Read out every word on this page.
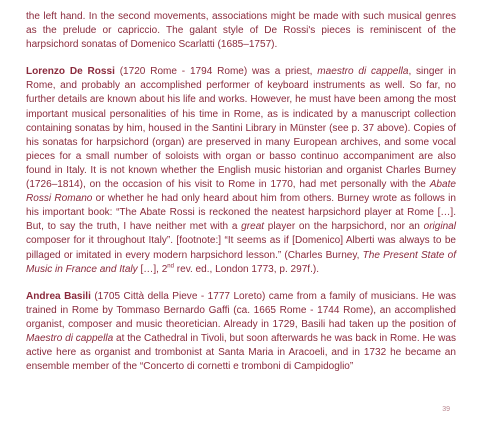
the left hand. In the second movements, associations might be made with such musical genres as the prelude or capriccio. The galant style of De Rossi's pieces is reminiscent of the harpsichord sonatas of Domenico Scarlatti (1685–1757).

Lorenzo De Rossi (1720 Rome - 1794 Rome) was a priest, maestro di cappella, singer in Rome, and probably an accomplished performer of keyboard instruments as well. So far, no further details are known about his life and works. However, he must have been among the most important musical personalities of his time in Rome, as is indicated by a manuscript collection containing sonatas by him, housed in the Santini Library in Münster (see p. 37 above). Copies of his sonatas for harpsichord (organ) are preserved in many European archives, and some vocal pieces for a small number of soloists with organ or basso continuo accompaniment are also found in Italy. It is not known whether the English music historian and organist Charles Burney (1726–1814), on the occasion of his visit to Rome in 1770, had met personally with the Abate Rossi Romano or whether he had only heard about him from others. Burney wrote as follows in his important book: “The Abate Rossi is reckoned the neatest harpsichord player at Rome […]. But, to say the truth, I have neither met with a great player on the harpsichord, nor an original composer for it throughout Italy”. [footnote:] “It seems as if [Domenico] Alberti was always to be pillaged or imitated in every modern harpsichord lesson.” (Charles Burney, The Present State of Music in France and Italy […], 2nd rev. ed., London 1773, p. 297f.).

Andrea Basili (1705 Città della Pieve - 1777 Loreto) came from a family of musicians. He was trained in Rome by Tommaso Bernardo Gaffi (ca. 1665 Rome - 1744 Rome), an accomplished organist, composer and music theoretician. Already in 1729, Basili had taken up the position of Maestro di cappella at the Cathedral in Tivoli, but soon afterwards he was back in Rome. He was active here as organist and trombonist at Santa Maria in Aracoeli, and in 1732 he became an ensemble member of the “Concerto di cornetti e tromboni di Campidoglio”

39
